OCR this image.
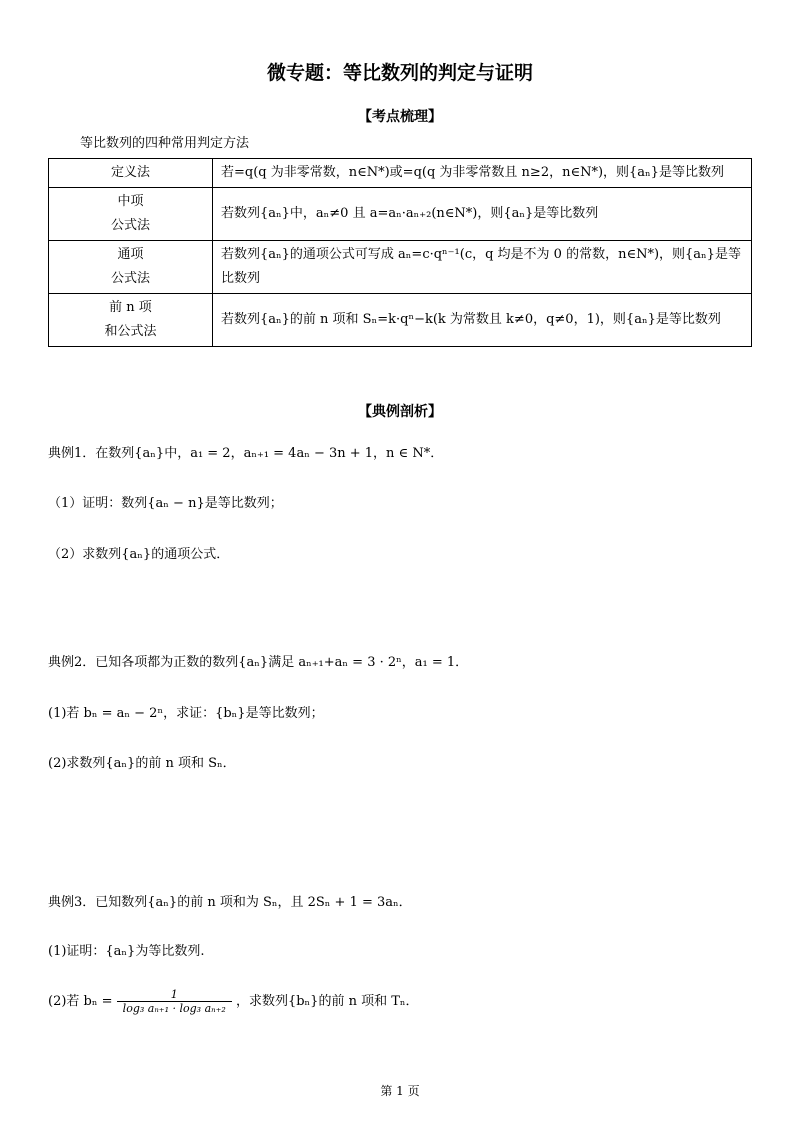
微专题：等比数列的判定与证明
【考点梳理】
等比数列的四种常用判定方法
定义法	若=q(q 为非零常数，n∈N*)或=q(q 为非零常数且 n≥2，n∈N*)，则{aₙ}是等比数列
中项
公式法	若数列{aₙ}中，aₙ≠0 且 a=aₙ·aₙ₊₂(n∈N*)，则{aₙ}是等比数列
通项
公式法	若数列{aₙ}的通项公式可写成 aₙ=c·qⁿ⁻¹(c，q 均是不为 0 的常数，n∈N*)，则{aₙ}是等比数列
前 n 项
和公式法	若数列{aₙ}的前 n 项和 Sₙ=k·qⁿ−k(k 为常数且 k≠0，q≠0，1)，则{aₙ}是等比数列
【典例剖析】
典例1．在数列{aₙ}中，a₁ = 2，aₙ₊₁ = 4aₙ − 3n + 1，n ∈ N*．
（1）证明：数列{aₙ − n}是等比数列；
（2）求数列{aₙ}的通项公式．
典例2．已知各项都为正数的数列{aₙ}满足 aₙ₊₁+aₙ = 3 · 2ⁿ，a₁ = 1．
(1)若 bₙ = aₙ − 2ⁿ，求证：{bₙ}是等比数列；
(2)求数列{aₙ}的前 n 项和 Sₙ．
典例3．已知数列{aₙ}的前 n 项和为 Sₙ，且 2Sₙ + 1 = 3aₙ．
(1)证明：{aₙ}为等比数列.
(2)若 $b_n = \frac{1}{\text{log₃ aₙ₊₁ · log₃ aₙ₊₂}}$ ，求数列{bₙ}的前 n 项和 Tₙ．
第 1 页
